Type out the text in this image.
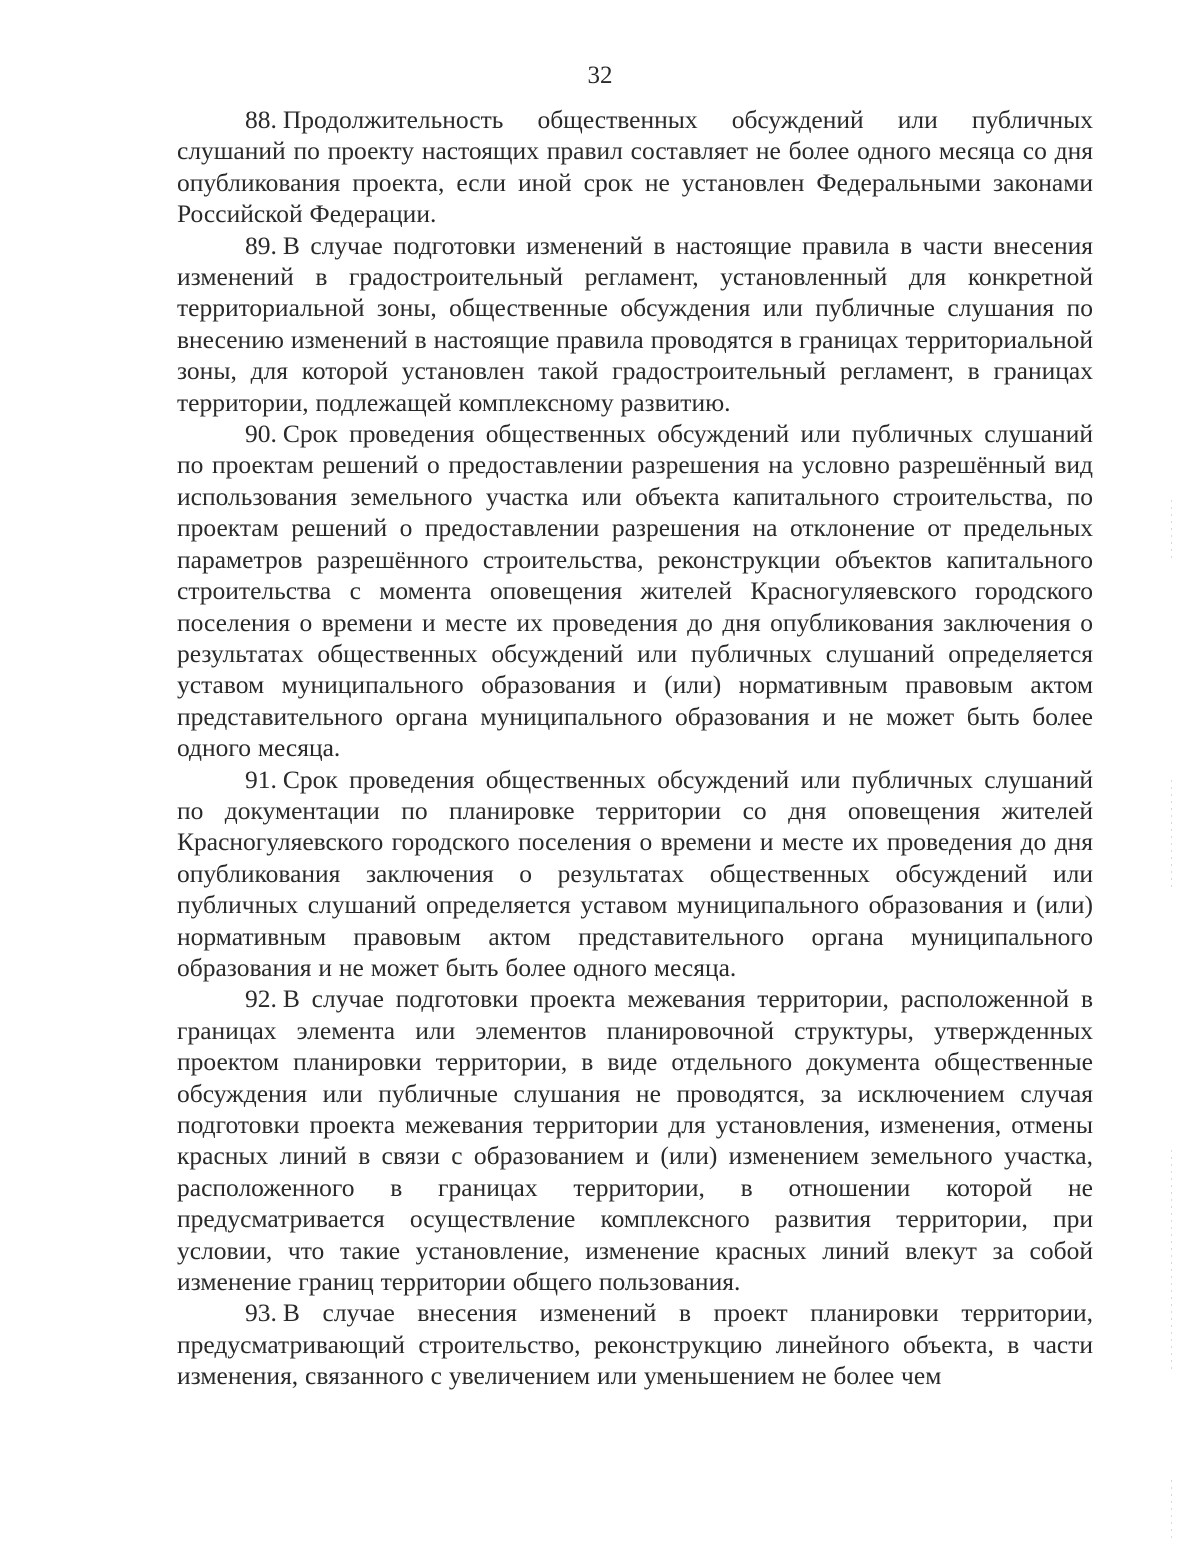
32

88. Продолжительность общественных обсуждений или публичных слушаний по проекту настоящих правил составляет не более одного месяца со дня опубликования проекта, если иной срок не установлен Федеральными законами Российской Федерации.

89. В случае подготовки изменений в настоящие правила в части внесения изменений в градостроительный регламент, установленный для конкретной территориальной зоны, общественные обсуждения или публичные слушания по внесению изменений в настоящие правила проводятся в границах территориальной зоны, для которой установлен такой градостроительный регламент, в границах территории, подлежащей комплексному развитию.

90. Срок проведения общественных обсуждений или публичных слушаний по проектам решений о предоставлении разрешения на условно разрешённый вид использования земельного участка или объекта капитального строительства, по проектам решений о предоставлении разрешения на отклонение от предельных параметров разрешённого строительства, реконструкции объектов капитального строительства с момента оповещения жителей Красногуляевского городского поселения о времени и месте их проведения до дня опубликования заключения о результатах общественных обсуждений или публичных слушаний определяется уставом муниципального образования и (или) нормативным правовым актом представительного органа муниципального образования и не может быть более одного месяца.

91. Срок проведения общественных обсуждений или публичных слушаний по документации по планировке территории со дня оповещения жителей Красногуляевского городского поселения о времени и месте их проведения до дня опубликования заключения о результатах общественных обсуждений или публичных слушаний определяется уставом муниципального образования и (или) нормативным правовым актом представительного органа муниципального образования и не может быть более одного месяца.

92. В случае подготовки проекта межевания территории, расположенной в границах элемента или элементов планировочной структуры, утвержденных проектом планировки территории, в виде отдельного документа общественные обсуждения или публичные слушания не проводятся, за исключением случая подготовки проекта межевания территории для установления, изменения, отмены красных линий в связи с образованием и (или) изменением земельного участка, расположенного в границах территории, в отношении которой не предусматривается осуществление комплексного развития территории, при условии, что такие установление, изменение красных линий влекут за собой изменение границ территории общего пользования.

93. В случае внесения изменений в проект планировки территории, предусматривающий строительство, реконструкцию линейного объекта, в части изменения, связанного с увеличением или уменьшением не более чем
